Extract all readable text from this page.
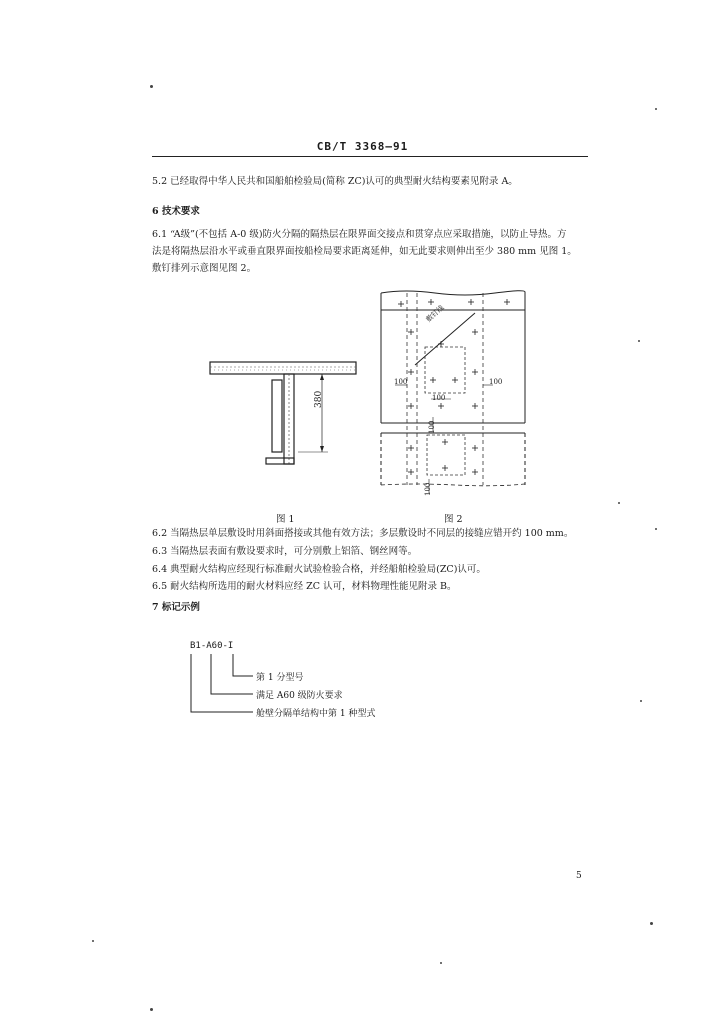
CB/T 3368—91
5.2 已经取得中华人民共和国船舶检验局(简称 ZC)认可的典型耐火结构要素见附录 A。
6 技术要求
6.1 “A级”(不包括 A-0 级)防火分隔的隔热层在限界面交接点和贯穿点应采取措施，以防止导热。方
法是将隔热层沿水平或垂直限界面按船检局要求距离延伸，如无此要求则伸出至少 380 mm 见图 1。
敷钉排列示意图见图 2。
380
图 1
敷钉线
100	100
100
100
100
图 2
6.2 当隔热层单层敷设时用斜面搭接或其他有效方法；多层敷设时不同层的接缝应错开约 100 mm。
6.3 当隔热层表面有敷设要求时，可分别敷上铝箔、钢丝网等。
6.4 典型耐火结构应经现行标准耐火试验检验合格，并经船舶检验局(ZC)认可。
6.5 耐火结构所选用的耐火材料应经 ZC 认可，材料物理性能见附录 B。
7 标记示例
B1-A60-I
第 1 分型号
满足 A60 级防火要求
舱壁分隔单结构中第 1 种型式
5
